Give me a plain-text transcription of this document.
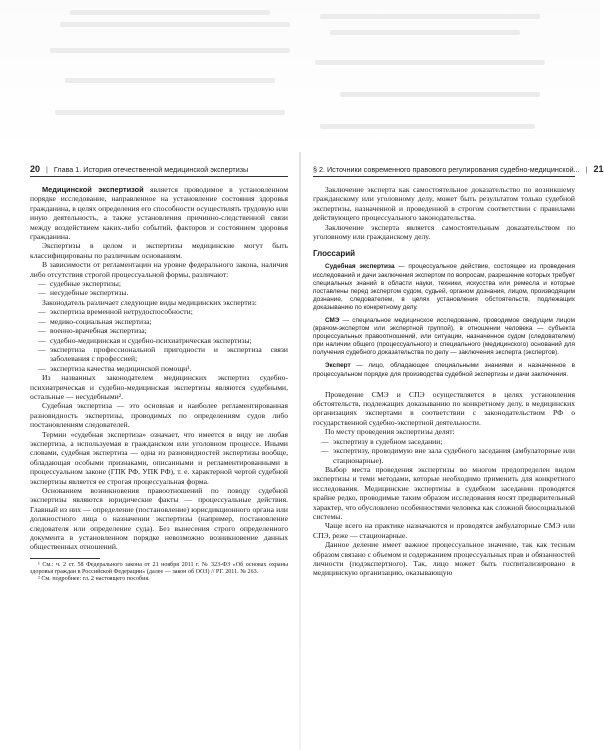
20 | Глава 1. История отечественной медицинской экспертизы

Медицинской экспертизой является проводимое в установленном порядке исследование, направленное на установление состояния здоровья гражданина, в целях определения его способности осуществлять трудовую или иную деятельность, а также установления причинно-следственной связи между воздействием каких-либо событий, факторов и состоянием здоровья гражданина.

Экспертизы в целом и экспертизы медицинские могут быть классифицированы по различным основаниям.

В зависимости от регламентации на уровне федерального закона, наличия либо отсутствия строгой процессуальной формы, различают:

— судебные экспертизы;
— несудебные экспертизы.

Законодатель различает следующие виды медицинских экспертиз:

— экспертиза временной нетрудоспособности;
— медико-социальная экспертиза;
— военно-врачебная экспертиза;
— судебно-медицинская и судебно-психиатрическая экспертизы;
— экспертиза профессиональной пригодности и экспертиза связи заболевания с профессией;
— экспертиза качества медицинской помощи¹.

Из названных законодателем медицинских экспертиз судебно-психиатрическая и судебно-медицинская экспертизы являются судебными, остальные — несудебными².

Судебная экспертиза — это основная и наиболее регламентированная разновидность экспертизы, проводимых по определениям судов либо постановлениям следователей.

Термин «судебная экспертиза» означает, что имеется в виду не любая экспертиза, а используемая в гражданском или уголовном процессе. Иными словами, судебная экспертиза — одна из разновидностей экспертизы вообще, обладающая особыми признаками, описанными и регламентированными в процессуальном законе (ГПК РФ, УПК РФ), т. е. характерной чертой судебной экспертизы является ее строгая процессуальная форма.

Основанием возникновения правоотношений по поводу судебной экспертизы являются юридические факты — процессуальные действия. Главный из них — определение (постановление) юрисдикционного органа или должностного лица о назначении экспертизы (например, постановление следователя или определение суда). Без вынесения строго определенного документа в установленном порядке невозможно возникновение данных общественных отношений.

¹ См.: ч. 2 ст. 58 Федерального закона от 21 ноября 2011 г. № 323-ФЗ «Об основах охраны здоровья граждан в Российской Федерации» (далее — закон об ООЗ) // РГ. 2011. № 263.

² См. подробнее: гл. 2 настоящего пособия.

§ 2. Источники современного правового регулирования судебно-медицинской... | 21

Заключение эксперта как самостоятельное доказательство по возникшему гражданскому или уголовному делу, может быть результатом только судебной экспертизы, назначенной и проведенной в строгом соответствии с правилами действующего процессуального законодательства.

Заключение эксперта является самостоятельным доказательством по уголовному или гражданскому делу.

Глоссарий

Судебная экспертиза — процессуальное действие, состоящее из проведения исследований и дачи заключения экспертом по вопросам, разрешение которых требует специальных знаний в области науки, техники, искусства или ремесла и которые поставлены перед экспертом судом, судьей, органом дознания, лицом, производящим дознание, следователем, в целях установления обстоятельств, подлежащих доказыванию по конкретному делу.

СМЭ — специальное медицинское исследование, проводимое сведущим лицом (врачом-экспертом или экспертной группой), в отношении человека — субъекта процессуальных правоотношений, или ситуации, назначенное судом (следователем) при наличии общего (процессуального) и специального (медицинского) оснований для получения судебного доказательства по делу — заключения эксперта (экспертов).

Эксперт — лицо, обладающее специальными знаниями и назначенное в процессуальном порядке для производства судебной экспертизы и дачи заключения.

Проведение СМЭ и СПЭ осуществляется в целях установления обстоятельств, подлежащих доказыванию по конкретному делу, в медицинских организациях экспертами в соответствии с законодательством РФ о государственной судебно-экспертной деятельности.

По месту проведения экспертизы делят:

— экспертизу в судебном заседании;
— экспертизу, проводимую вне зала судебного заседания (амбулаторные или стационарные).

Выбор места проведения экспертизы во многом предопределен видом экспертизы и теми методами, которые необходимо применить для конкретного исследования. Медицинские экспертизы в судебном заседании проводятся крайне редко, проводимые таким образом исследования носят предварительный характер, что обусловлено особенностями человека как сложной биосоциальной системы.

Чаще всего на практике назначаются и проводятся амбулаторные СМЭ или СПЭ, реже — стационарные.

Данное деление имеет важное процессуальное значение, так как тесным образом связано с объемом и содержанием процессуальных прав и обязанностей личности (подэкспертного). Так, лицо может быть госпитализировано в медицинскую организацию, оказывающую
